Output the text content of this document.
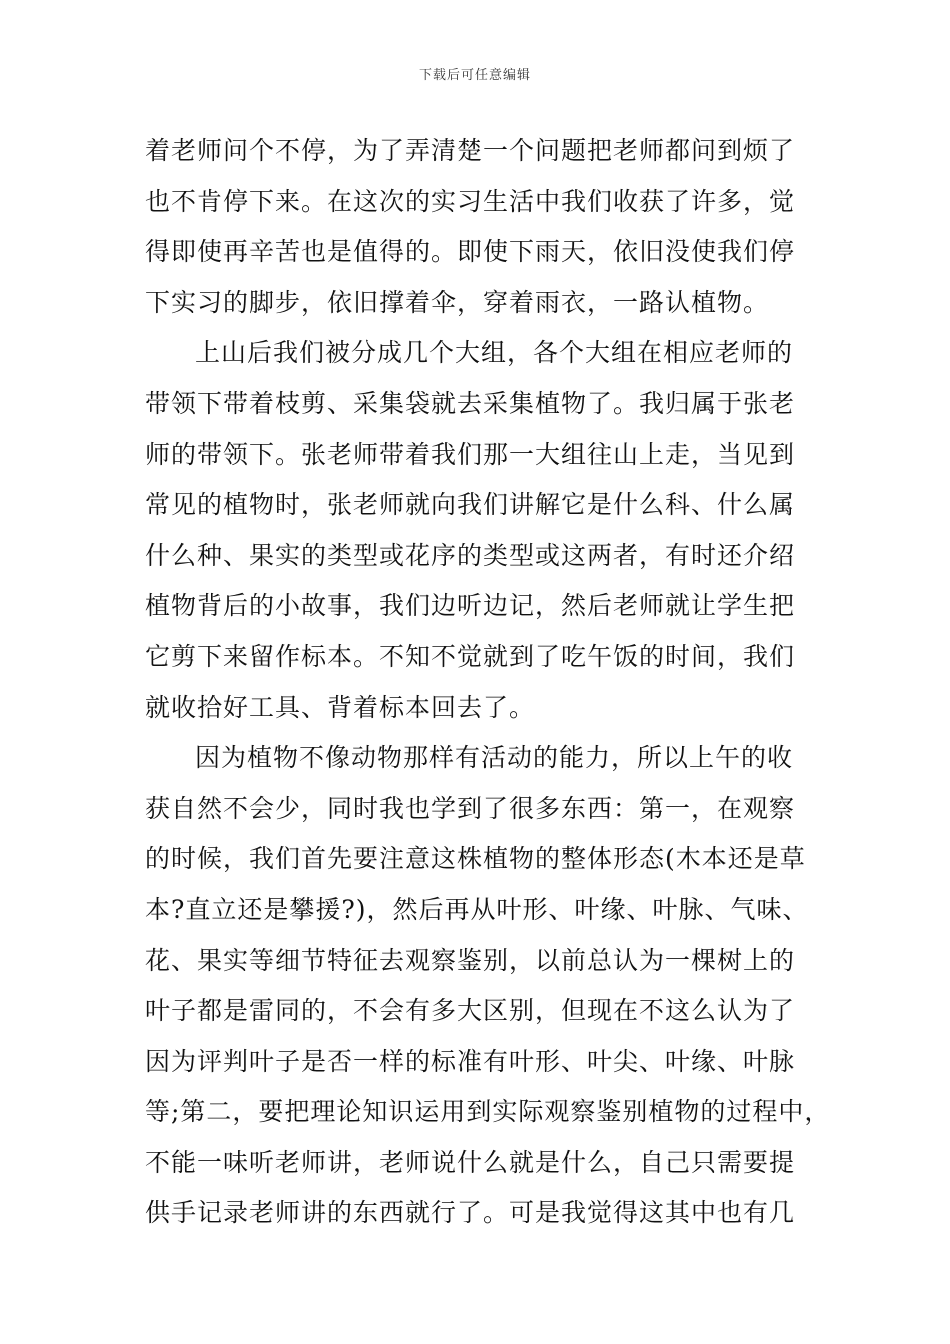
下载后可任意编辑
着老师问个不停，为了弄清楚一个问题把老师都问到烦了
也不肯停下来。在这次的实习生活中我们收获了许多，觉
得即使再辛苦也是值得的。即使下雨天，依旧没使我们停
下实习的脚步，依旧撑着伞，穿着雨衣，一路认植物。
上山后我们被分成几个大组，各个大组在相应老师的
带领下带着枝剪、采集袋就去采集植物了。我归属于张老
师的带领下。张老师带着我们那一大组往山上走，当见到
常见的植物时，张老师就向我们讲解它是什么科、什么属
什么种、果实的类型或花序的类型或这两者，有时还介绍
植物背后的小故事，我们边听边记，然后老师就让学生把
它剪下来留作标本。不知不觉就到了吃午饭的时间，我们
就收拾好工具、背着标本回去了。
因为植物不像动物那样有活动的能力，所以上午的收
获自然不会少，同时我也学到了很多东西：第一，在观察
的时候，我们首先要注意这株植物的整体形态(木本还是草
本?直立还是攀援?)，然后再从叶形、叶缘、叶脉、气味、
花、果实等细节特征去观察鉴别，以前总认为一棵树上的
叶子都是雷同的，不会有多大区别，但现在不这么认为了
因为评判叶子是否一样的标准有叶形、叶尖、叶缘、叶脉
等;第二，要把理论知识运用到实际观察鉴别植物的过程中，
不能一味听老师讲，老师说什么就是什么，自己只需要提
供手记录老师讲的东西就行了。可是我觉得这其中也有几
